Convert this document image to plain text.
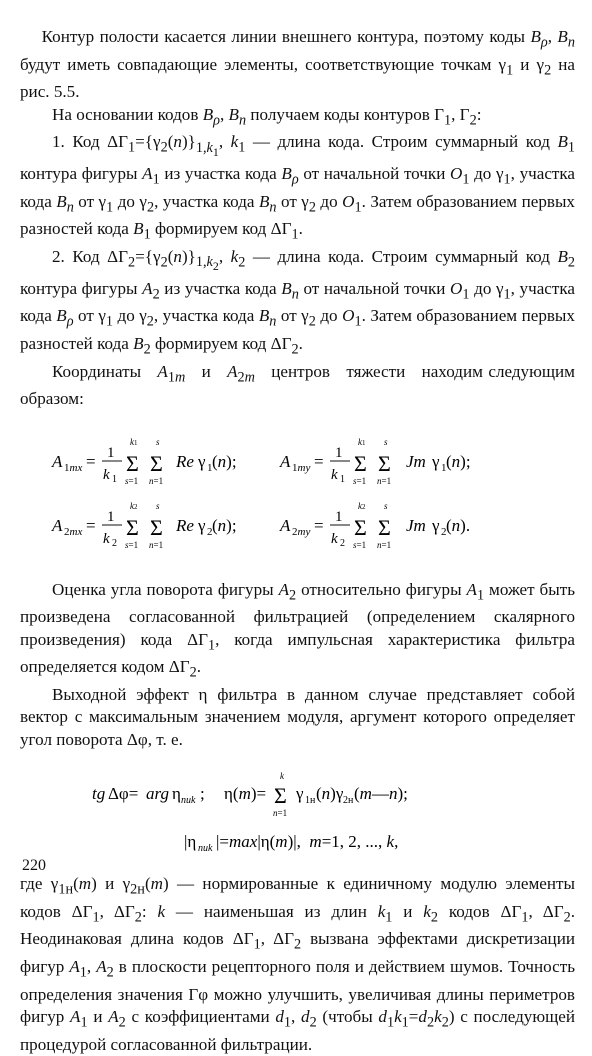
Контур полости касается линии внешнего контура, поэтому коды $B_\rho$, $B_n$ будут иметь совпадающие элементы, соответствующие точкам $\gamma_1$ и $\gamma_2$ на рис. 5.5.

На основании кодов $B_\rho$, $B_n$ получаем коды контуров $\Gamma_1$, $\Gamma_2$:

1. Код $\Delta\Gamma_1=\{\gamma_2(n)\}_{1,k_1}$, $k_1$ — длина кода. Строим суммарный код $B_1$ контура фигуры $A_1$ из участка кода $B_\rho$ от начальной точки $O_1$ до $\gamma_1$, участка кода $B_n$ от $\gamma_1$ до $\gamma_2$, участка кода $B_n$ от $\gamma_2$ до $O_1$. Затем образованием первых разностей кода $B_1$ формируем код $\Delta\Gamma_1$.

2. Код $\Delta\Gamma_2=\{\gamma_2(n)\}_{1,k_2}$, $k_2$ — длина кода. Строим суммарный код $B_2$ контура фигуры $A_2$ из участка кода $B_n$ от начальной точки $O_1$ до $\gamma_1$, участка кода $B_\rho$ от $\gamma_1$ до $\gamma_2$, участка кода $B_n$ от $\gamma_2$ до $O_1$. Затем образованием первых разностей кода $B_2$ формируем код $\Delta\Gamma_2$.

Координаты   $A_{1m}$   и   $A_{2m}$   центров   тяжести   находим следующим образом:

A 1mx = 1
k 1
k1
Σ
s=1
s
Σ
n=1
Re γ 1 (n);	A 1my = 1
k 1
k1
Σ
s=1
s
Σ
n=1
Jm γ 1 (n);
A 2mx = 1
k 2
k2
Σ
s=1
s
Σ
n=1
Re γ 2 (n);	A 2my = 1
k 2
k2
Σ
s=1
s
Σ
n=1
Jm γ 2 (n).

Оценка угла поворота фигуры $A_2$ относительно фигуры $A_1$ может быть произведена согласованной фильтрацией (определением скалярного произведения) кода $\Delta\Gamma_1$, когда импульсная характеристика фильтра определяется кодом $\Delta\Gamma_2$.

Выходной эффект η фильтра в данном случае представляет собой вектор с максимальным значением модуля, аргумент которого определяет угол поворота Δφ, т. е.

tg Δφ= arg η nuk ; η(m)=
k
Σ
n=1
γ 1н (n)γ 2н (m—n);
|η nuk |=max|η(m)|,  m=1, 2, ..., k,

где $\gamma_{1н}(m)$ и $\gamma_{2н}(m)$ — нормированные к единичному модулю элементы кодов $\Delta\Gamma_1$, $\Delta\Gamma_2$: k — наименьшая из длин $k_1$ и $k_2$ кодов $\Delta\Gamma_1$, $\Delta\Gamma_2$. Неодинаковая длина кодов $\Delta\Gamma_1$, $\Delta\Gamma_2$ вызвана эффектами дискретизации фигур $A_1$, $A_2$ в плоскости рецепторного поля и действием шумов. Точность определения значения Γφ можно улучшить, увеличивая длины периметров фигур $A_1$ и $A_2$ с коэффициентами $d_1$, $d_2$ (чтобы $d_1k_1=d_2k_2$) с последующей процедурой согласованной фильтрации.

220
